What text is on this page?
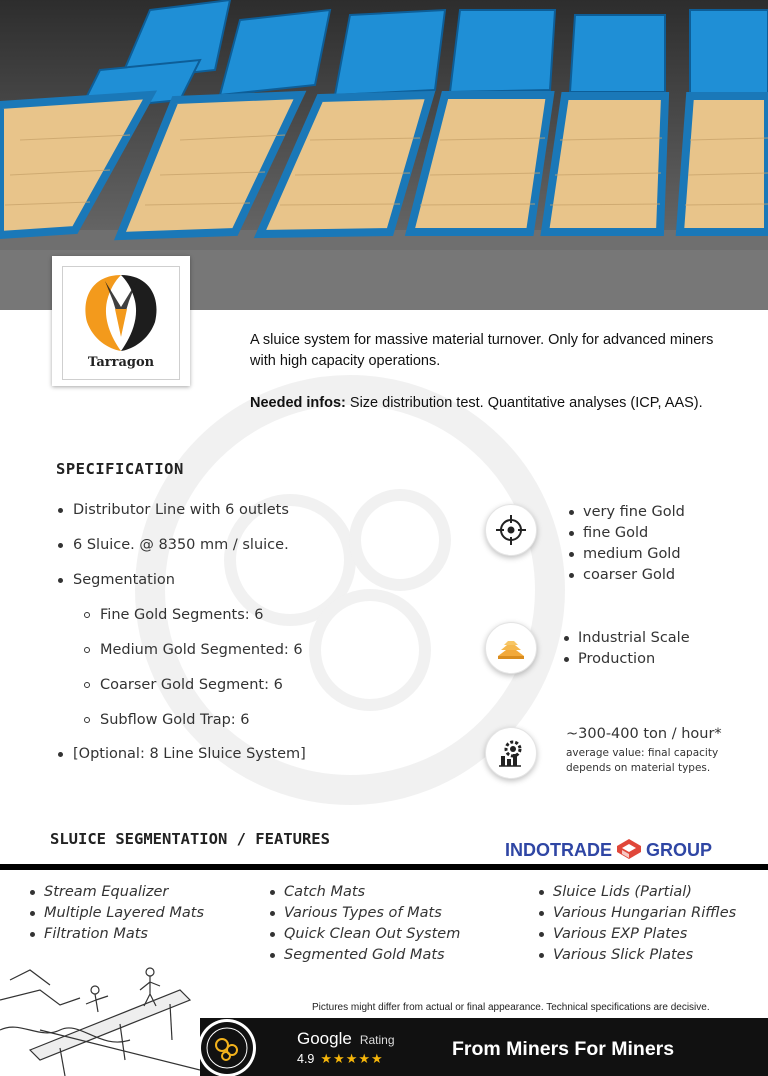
Tarragon

A sluice system for massive material turnover. Only for advanced miners with high capacity operations.

Needed infos: Size distribution test. Quantitative analyses (ICP, AAS).

SPECIFICATION
Distributor Line with 6 outlets
6 Sluice. @ 8350 mm / sluice.
Segmentation
Fine Gold Segments: 6
Medium Gold Segmented: 6
Coarser Gold Segment: 6
Subflow Gold Trap: 6
[Optional: 8 Line Sluice System]
very fine Gold
fine Gold
medium Gold
coarser Gold
Industrial Scale
Production
~300-400 ton / hour*
average value: final capacity depends on material types.
SLUICE SEGMENTATION / FEATURES
INDOTRADE GROUP
Stream Equalizer
Multiple Layered Mats
Filtration Mats
Catch Mats
Various Types of Mats
Quick Clean Out System
Segmented Gold Mats
Sluice Lids (Partial)
Various Hungarian Riffles
Various EXP Plates
Various Slick Plates
Pictures might differ from actual or final appearance. Technical specifications are decisive.
Google Rating
4.9 ★★★★★	From Miners For Miners
